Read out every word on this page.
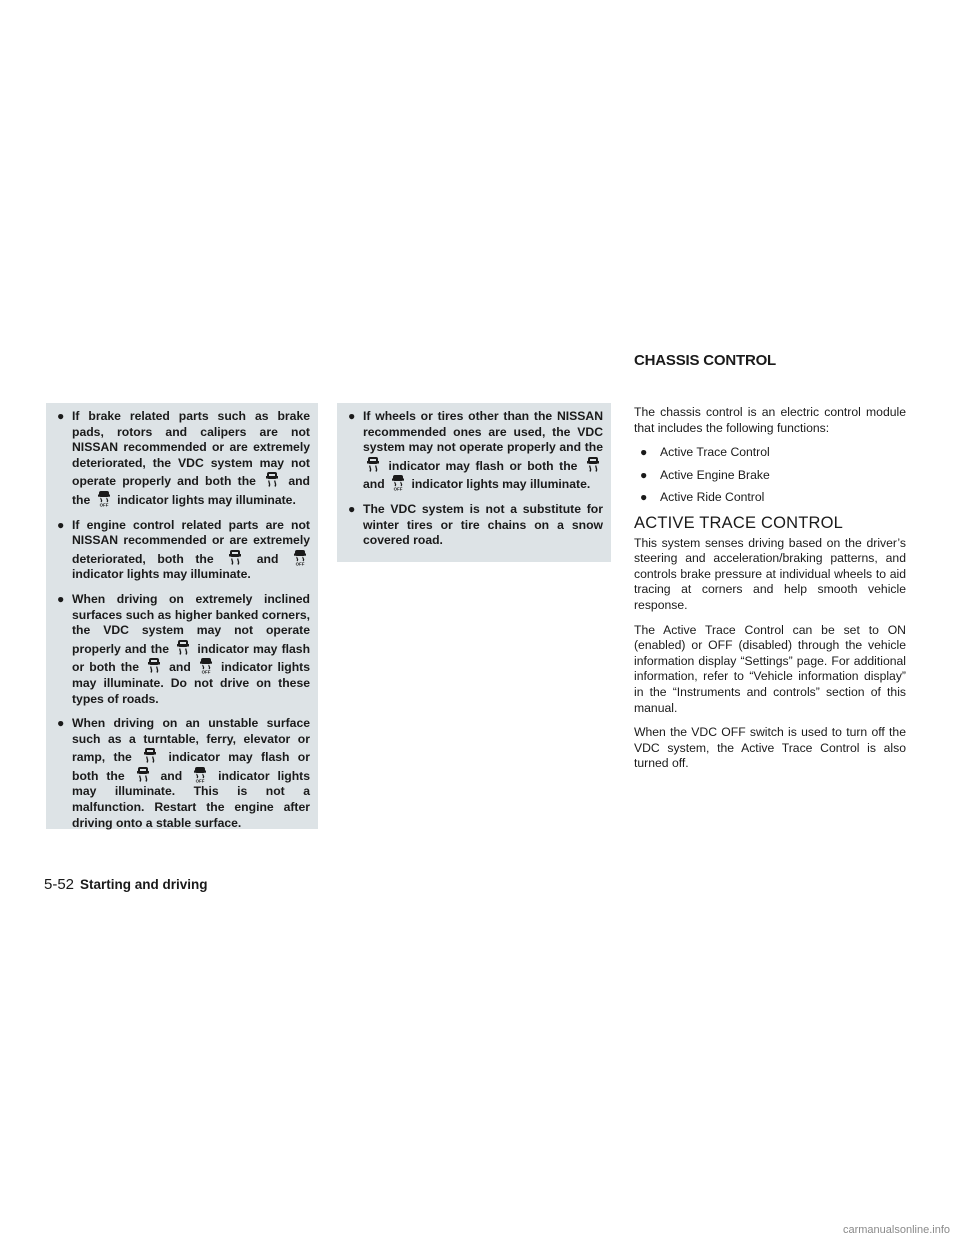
CHASSIS CONTROL
● If brake related parts such as brake pads, rotors and calipers are not NISSAN recommended or are extremely deteriorated, the VDC system may not operate properly and both the	and the OFF indicator lights may illuminate.
● If engine control related parts are not NISSAN recommended or are extremely deteriorated, both the	and	OFF
indicator lights may illuminate.
● When driving on extremely inclined surfaces such as higher banked corners, the VDC system may not operate properly and the indicator may flash or both the and OFF indicator lights may illuminate. Do not drive on these types of roads.
● When driving on an unstable surface such as a turntable, ferry, elevator or ramp, the	indicator may flash or both the	and	OFF indicator lights may illuminate. This is not a malfunction. Restart the engine after driving onto a stable surface.
● If wheels or tires other than the NISSAN recommended ones are used, the VDC system may not operate properly and the
indicator may flash or both the
and OFF indicator lights may illuminate.
● The VDC system is not a substitute for winter tires or tire chains on a snow covered road.

The chassis control is an electric control module that includes the following functions:

● Active Trace Control
● Active Engine Brake
● Active Ride Control
ACTIVE TRACE CONTROL

This system senses driving based on the driver’s steering and acceleration/braking patterns, and controls brake pressure at individual wheels to aid tracing at corners and help smooth vehicle response.

The Active Trace Control can be set to ON (enabled) or OFF (disabled) through the vehicle information display “Settings” page. For additional information, refer to “Vehicle information display” in the “Instruments and controls” section of this manual.

When the VDC OFF switch is used to turn off the VDC system, the Active Trace Control is also turned off.

5-52 Starting and driving
carmanualsonline.info
